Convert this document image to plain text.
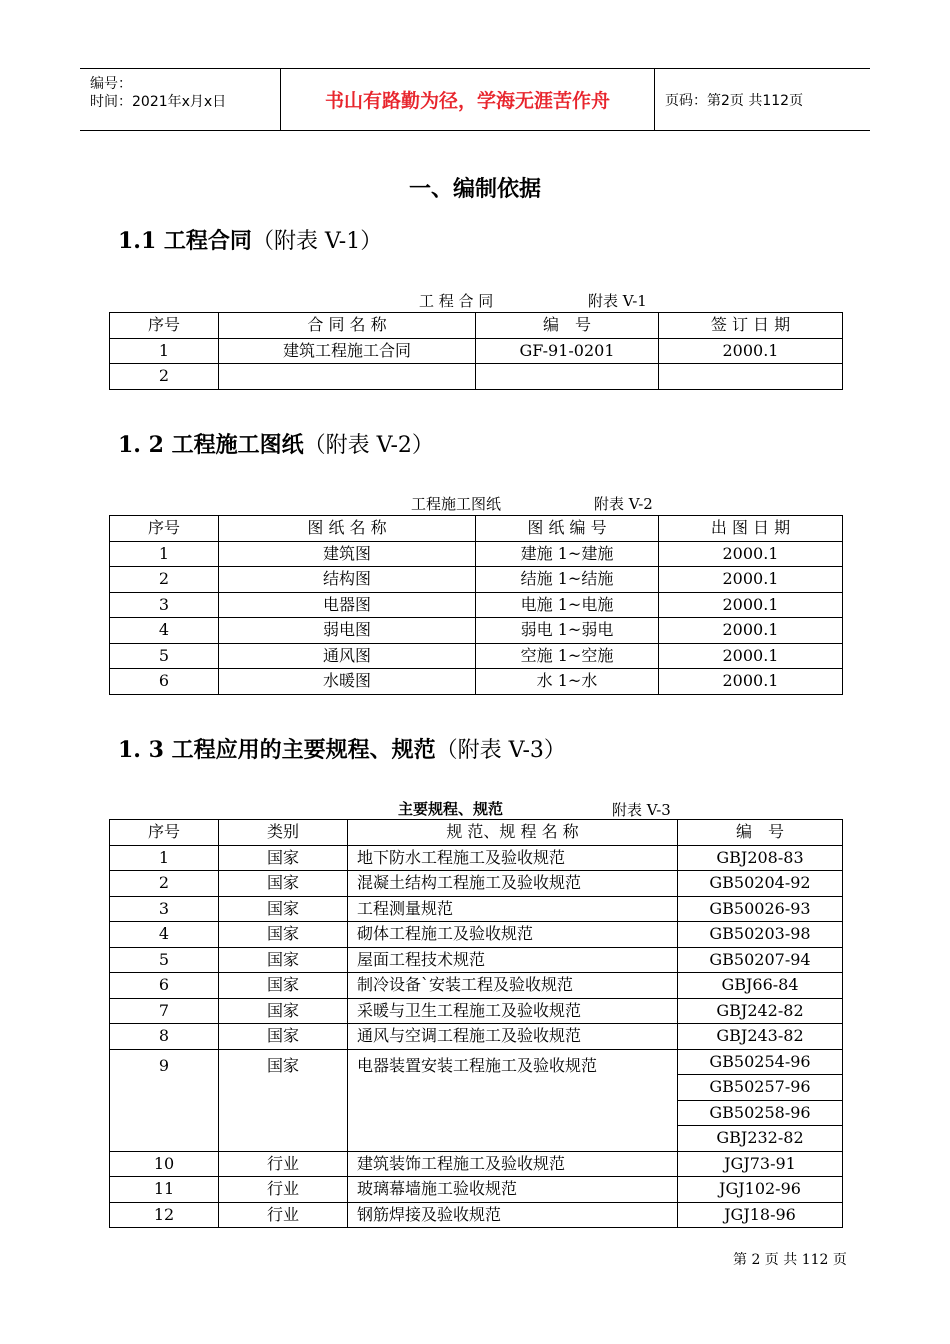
编号：
时间：2021年x月x日	书山有路勤为径，学海无涯苦作舟	页码：第2页 共112页
一、编制依据
1.1 工程合同（附表 V-1）
工 程 合 同	附表 V-1
序号	合 同 名 称	编　号	签 订 日 期
1	建筑工程施工合同	GF-91-0201	2000.1
2			
1. 2 工程施工图纸（附表 V-2）
工程施工图纸	附表 V-2
序号	图 纸 名 称	图 纸 编 号	出 图 日 期
1	建筑图	建施 1~建施	2000.1
2	结构图	结施 1~结施	2000.1
3	电器图	电施 1~电施	2000.1
4	弱电图	弱电 1~弱电	2000.1
5	通风图	空施 1~空施	2000.1
6	水暖图	水 1~水	2000.1
1. 3 工程应用的主要规程、规范（附表 V-3）
主要规程、规范	附表 V-3
序号	类别	规 范、规 程 名 称	编　号
1	国家	地下防水工程施工及验收规范	GBJ208-83
2	国家	混凝土结构工程施工及验收规范	GB50204-92
3	国家	工程测量规范	GB50026-93
4	国家	砌体工程施工及验收规范	GB50203-98
5	国家	屋面工程技术规范	GB50207-94
6	国家	制冷设备`安装工程及验收规范	GBJ66-84
7	国家	采暖与卫生工程施工及验收规范	GBJ242-82
8	国家	通风与空调工程施工及验收规范	GBJ243-82
9	国家	电器装置安装工程施工及验收规范	GB50254-96
			GB50257-96
			GB50258-96
			GBJ232-82
10	行业	建筑装饰工程施工及验收规范	JGJ73-91
11	行业	玻璃幕墙施工验收规范	JGJ102-96
12	行业	钢筋焊接及验收规范	JGJ18-96
第 2 页 共 112 页
